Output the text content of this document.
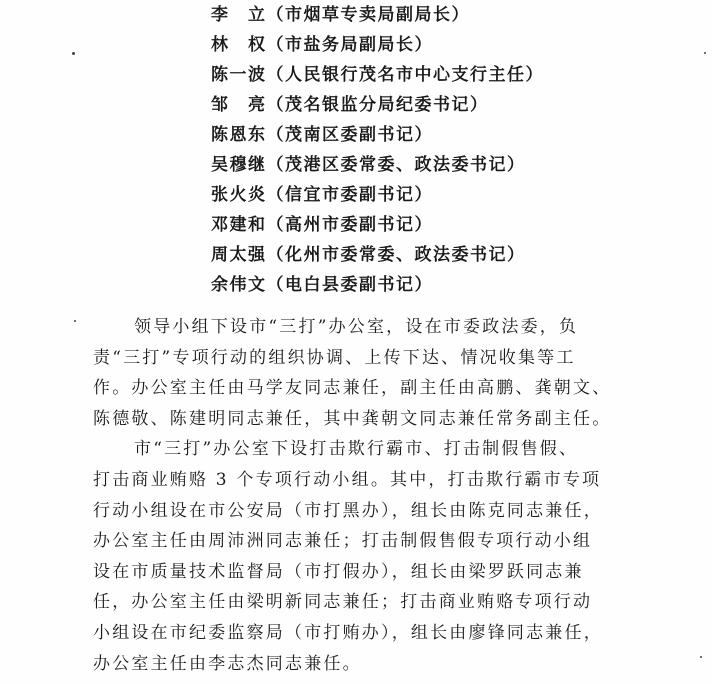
李　立（市烟草专卖局副局长）
林　权（市盐务局副局长）
陈一波（人民银行茂名市中心支行主任）
邹　亮（茂名银监分局纪委书记）
陈恩东（茂南区委副书记）
吴穆继（茂港区委常委、政法委书记）
张火炎（信宜市委副书记）
邓建和（高州市委副书记）
周太强（化州市委常委、政法委书记）
余伟文（电白县委副书记）

领导小组下设市“三打”办公室，设在市委政法委，负
责“三打”专项行动的组织协调、上传下达、情况收集等工
作。办公室主任由马学友同志兼任，副主任由高鹏、龚朝文、
陈德敬、陈建明同志兼任，其中龚朝文同志兼任常务副主任。

市“三打”办公室下设打击欺行霸市、打击制假售假、
打击商业贿赂 3 个专项行动小组。其中，打击欺行霸市专项
行动小组设在市公安局（市打黑办），组长由陈克同志兼任，
办公室主任由周沛洲同志兼任；打击制假售假专项行动小组
设在市质量技术监督局（市打假办），组长由梁罗跃同志兼
任，办公室主任由梁明新同志兼任；打击商业贿赂专项行动
小组设在市纪委监察局（市打贿办），组长由廖锋同志兼任，
办公室主任由李志杰同志兼任。
